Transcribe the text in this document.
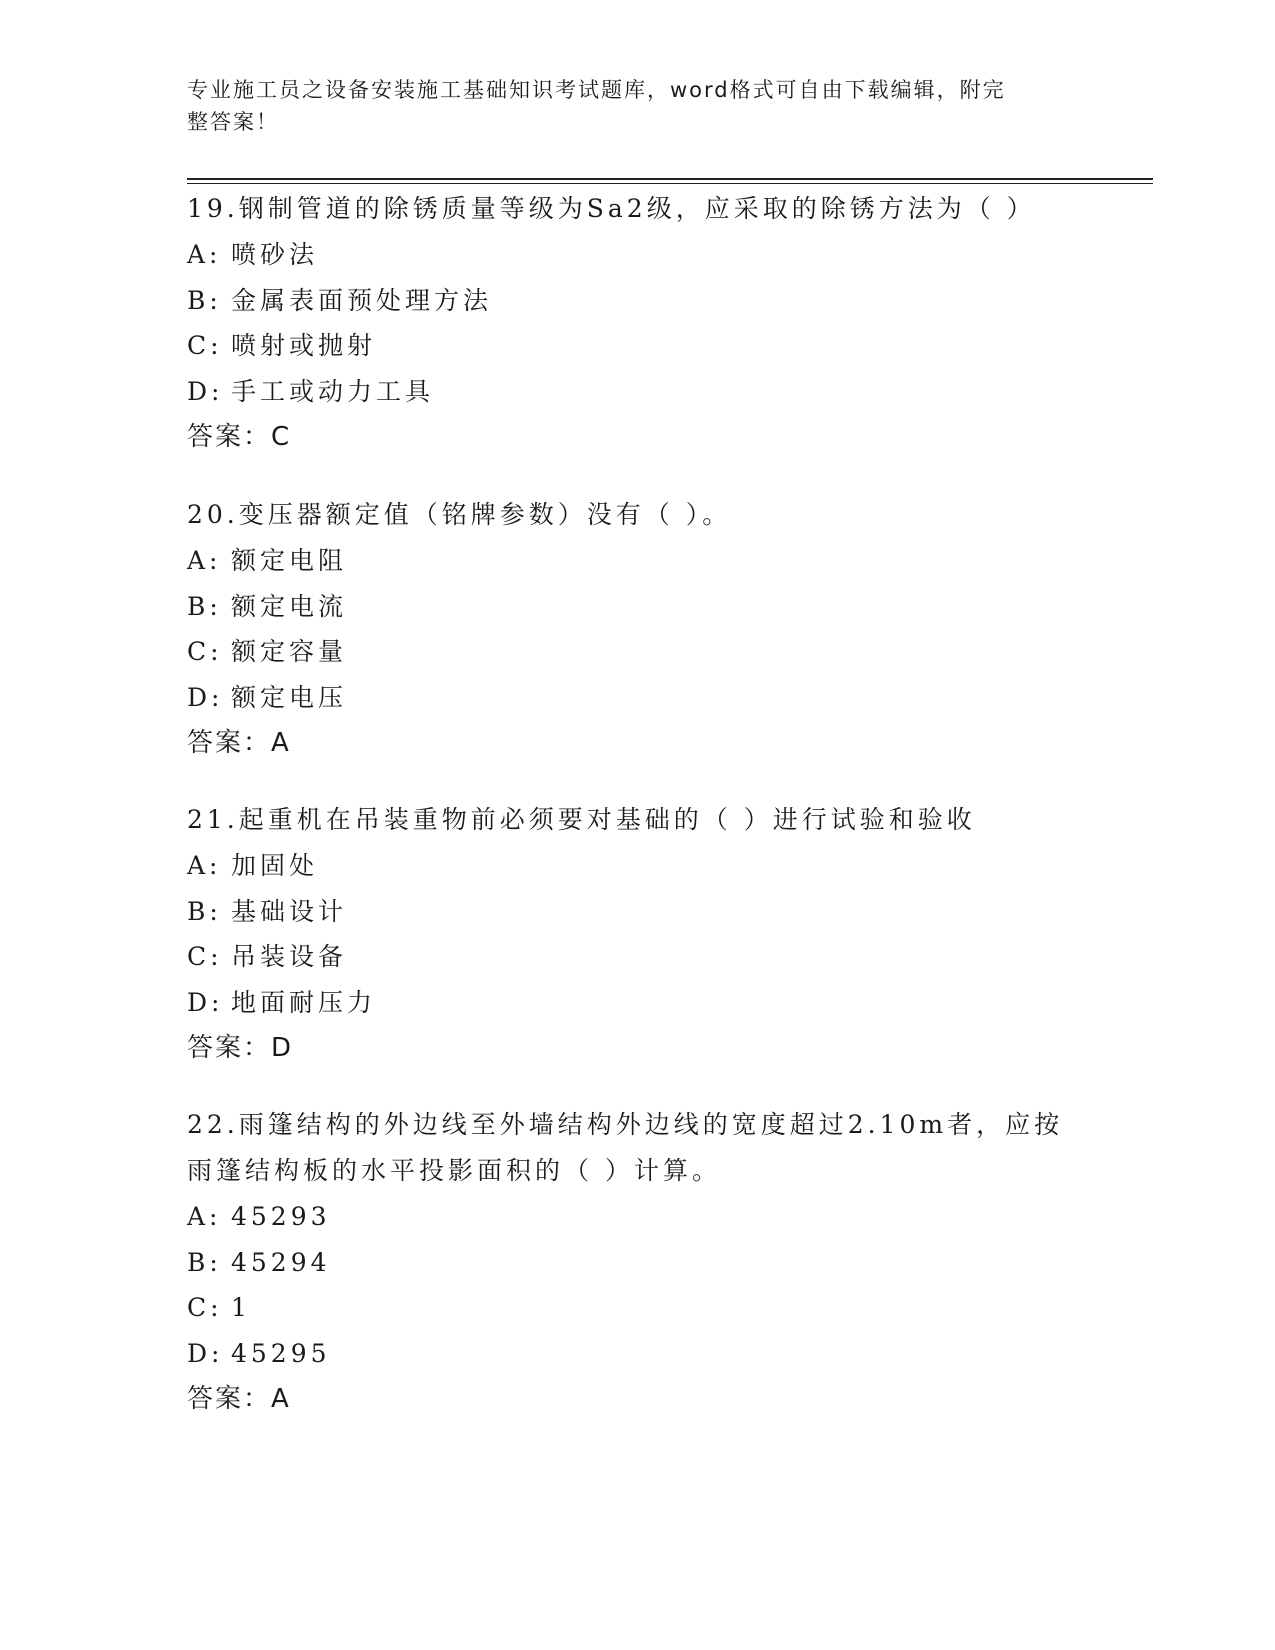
专业施工员之设备安装施工基础知识考试题库，word格式可自由下载编辑，附完
整答案！

19.钢制管道的除锈质量等级为Sa2级，应采取的除锈方法为（ ）

A: 喷砂法
B: 金属表面预处理方法
C: 喷射或抛射
D: 手工或动力工具
答案：C

20.变压器额定值（铭牌参数）没有（ ）。

A: 额定电阻
B: 额定电流
C: 额定容量
D: 额定电压
答案：A

21.起重机在吊装重物前必须要对基础的（ ）进行试验和验收

A: 加固处
B: 基础设计
C: 吊装设备
D: 地面耐压力
答案：D

22.雨篷结构的外边线至外墙结构外边线的宽度超过2.10m者，应按雨篷结构板的水平投影面积的（ ）计算。

A: 45293
B: 45294
C: 1
D: 45295
答案：A
